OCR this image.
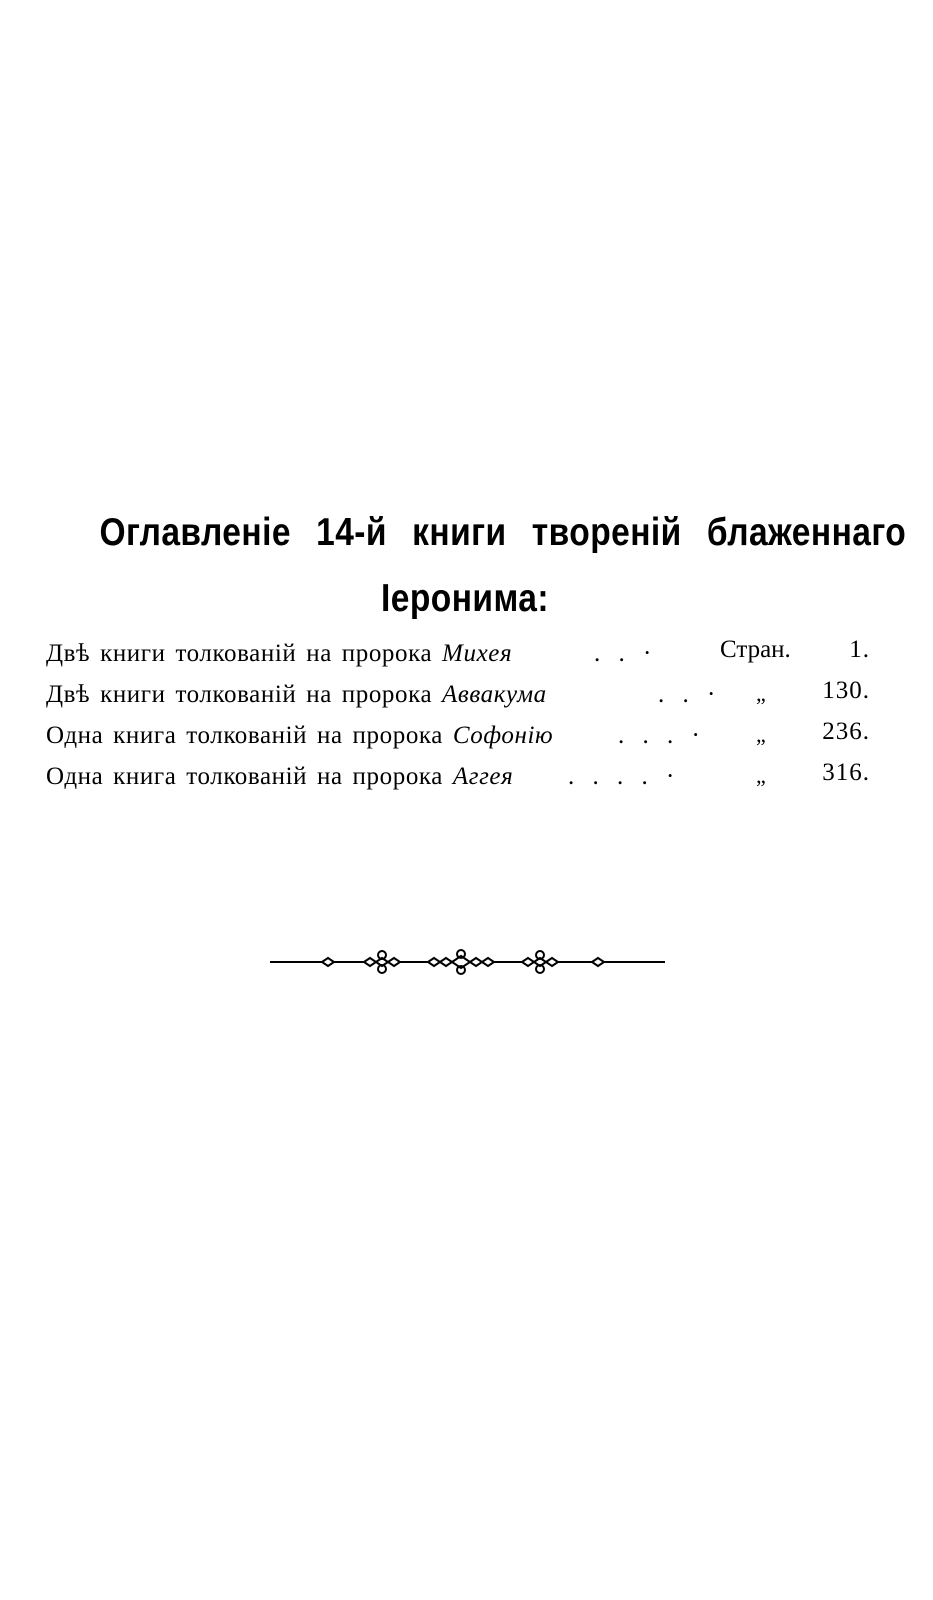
Оглавленіе 14-й книги твореній блаженнаго
Іеронима:
Двѣ книги толкованій на пророка Михея	. . ·	Стран. 1.
Двѣ книги толкованій на пророка Аввакума	. . · „ 130.
Одна книга толкованій на пророка Софонію	. . . · „ 236.
Одна книга толкованій на пророка Аггея . . . . ·	„ 316.
